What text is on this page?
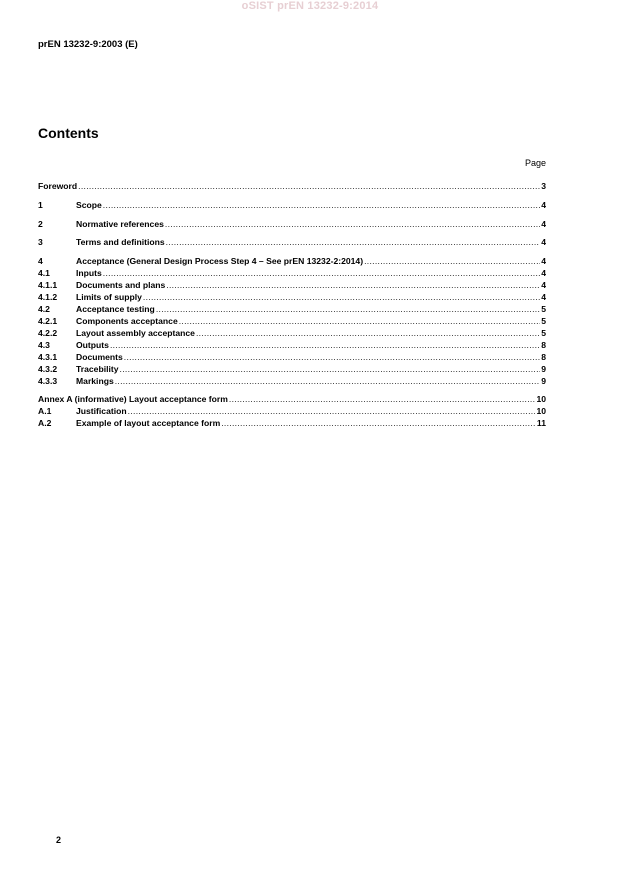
oSIST prEN 13232-9:2014
prEN 13232-9:2003 (E)
Contents
Page
Foreword .....	3
1	Scope .....	4
2	Normative references .....	4
3	Terms and definitions .....	4
4	Acceptance (General Design Process Step 4 – See prEN 13232-2:2014) .....	4
4.1	Inputs .....	4
4.1.1	Documents and plans .....	4
4.1.2	Limits of supply .....	4
4.2	Acceptance testing .....	5
4.2.1	Components acceptance .....	5
4.2.2	Layout assembly acceptance .....	5
4.3	Outputs .....	8
4.3.1	Documents .....	8
4.3.2	Tracebility .....	9
4.3.3	Markings .....	9
Annex A (informative) Layout acceptance form .....	10
A.1	Justification .....	10
A.2	Example of layout acceptance form .....	11
2
